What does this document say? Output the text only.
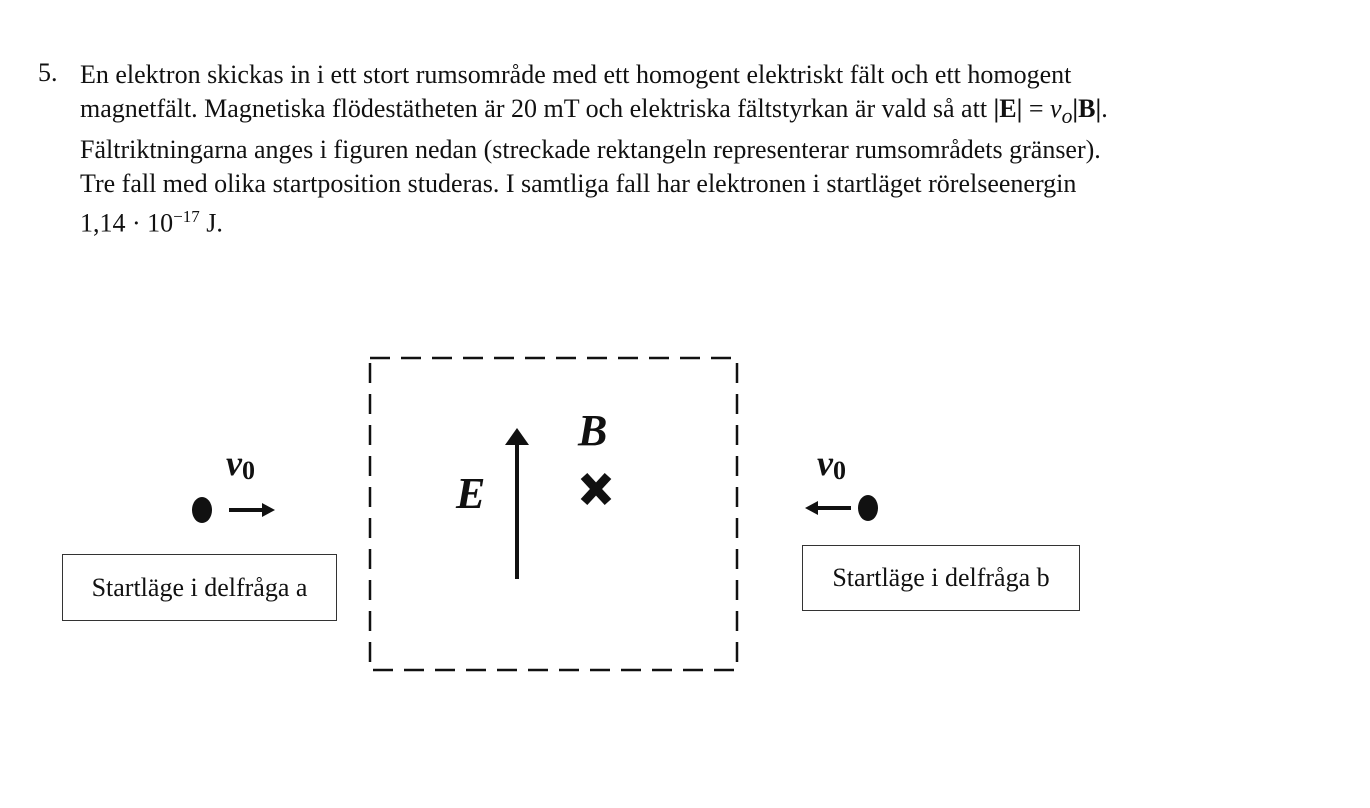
5. En elektron skickas in i ett stort rumsområde med ett homogent elektriskt fält och ett homogent
magnetfält. Magnetiska flödestätheten är 20 mT och elektriska fältstyrkan är vald så att $|E| = v_o|B|$.
Fältriktningarna anges i figuren nedan (streckade rektangeln representerar rumsområdets gränser).
Tre fall med olika startposition studeras. I samtliga fall har elektronen i startläget rörelseenergin
$1,14 \cdot 10^{-17}$ J.
E
B
$v_0$	$v_0$
Startläge i delfråga a	Startläge i delfråga b
